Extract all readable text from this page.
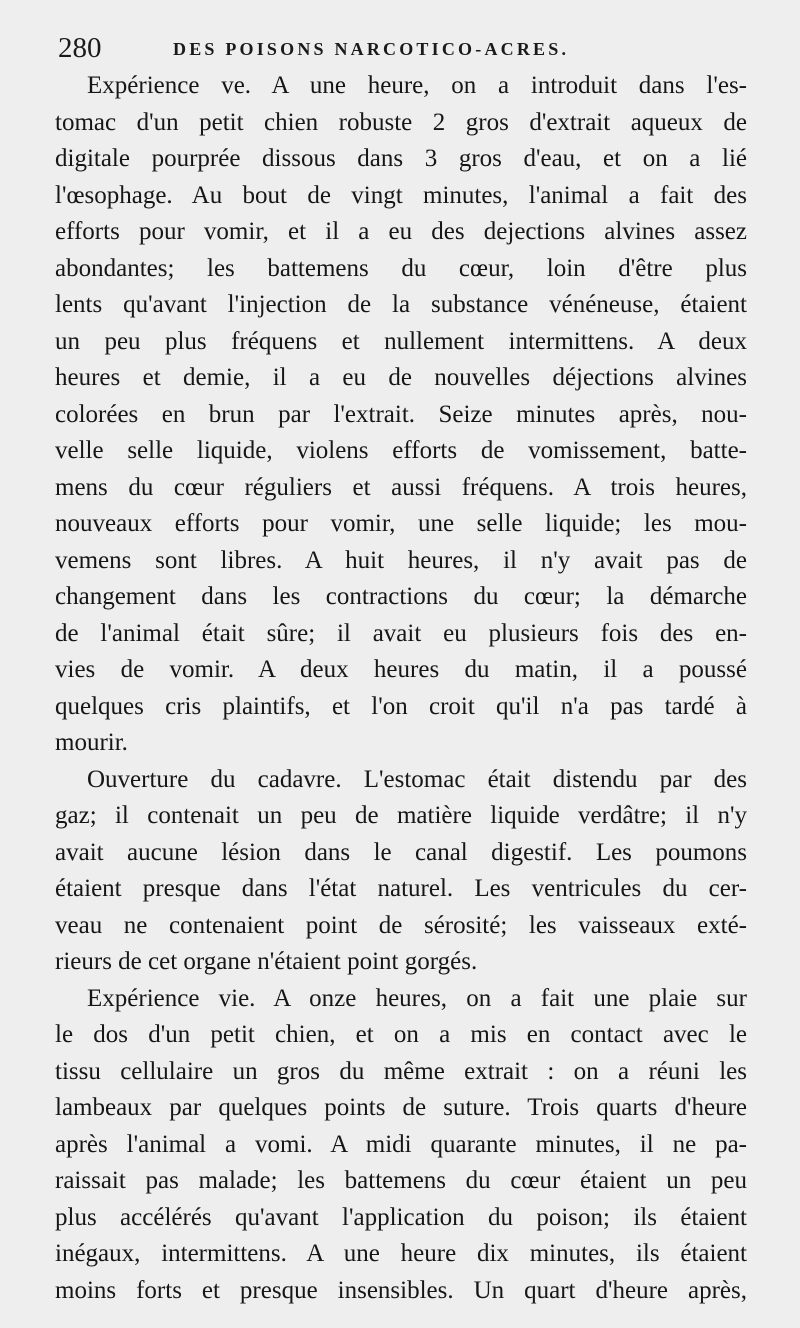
280	DES POISONS NARCOTICO-ACRES.
Expérience ve. A une heure, on a introduit dans l'es-
tomac d'un petit chien robuste 2 gros d'extrait aqueux de
digitale pourprée dissous dans 3 gros d'eau, et on a lié
l'œsophage. Au bout de vingt minutes, l'animal a fait des
efforts pour vomir, et il a eu des dejections alvines assez
abondantes; les battemens du cœur, loin d'être plus
lents qu'avant l'injection de la substance vénéneuse, étaient
un peu plus fréquens et nullement intermittens. A deux
heures et demie, il a eu de nouvelles déjections alvines
colorées en brun par l'extrait. Seize minutes après, nou-
velle selle liquide, violens efforts de vomissement, batte-
mens du cœur réguliers et aussi fréquens. A trois heures,
nouveaux efforts pour vomir, une selle liquide; les mou-
vemens sont libres. A huit heures, il n'y avait pas de
changement dans les contractions du cœur; la démarche
de l'animal était sûre; il avait eu plusieurs fois des en-
vies de vomir. A deux heures du matin, il a poussé
quelques cris plaintifs, et l'on croit qu'il n'a pas tardé à
mourir.
Ouverture du cadavre. L'estomac était distendu par des
gaz; il contenait un peu de matière liquide verdâtre; il n'y
avait aucune lésion dans le canal digestif. Les poumons
étaient presque dans l'état naturel. Les ventricules du cer-
veau ne contenaient point de sérosité; les vaisseaux exté-
rieurs de cet organe n'étaient point gorgés.
Expérience vie. A onze heures, on a fait une plaie sur
le dos d'un petit chien, et on a mis en contact avec le
tissu cellulaire un gros du même extrait : on a réuni les
lambeaux par quelques points de suture. Trois quarts d'heure
après l'animal a vomi. A midi quarante minutes, il ne pa-
raissait pas malade; les battemens du cœur étaient un peu
plus accélérés qu'avant l'application du poison; ils étaient
inégaux, intermittens. A une heure dix minutes, ils étaient
moins forts et presque insensibles. Un quart d'heure après,
